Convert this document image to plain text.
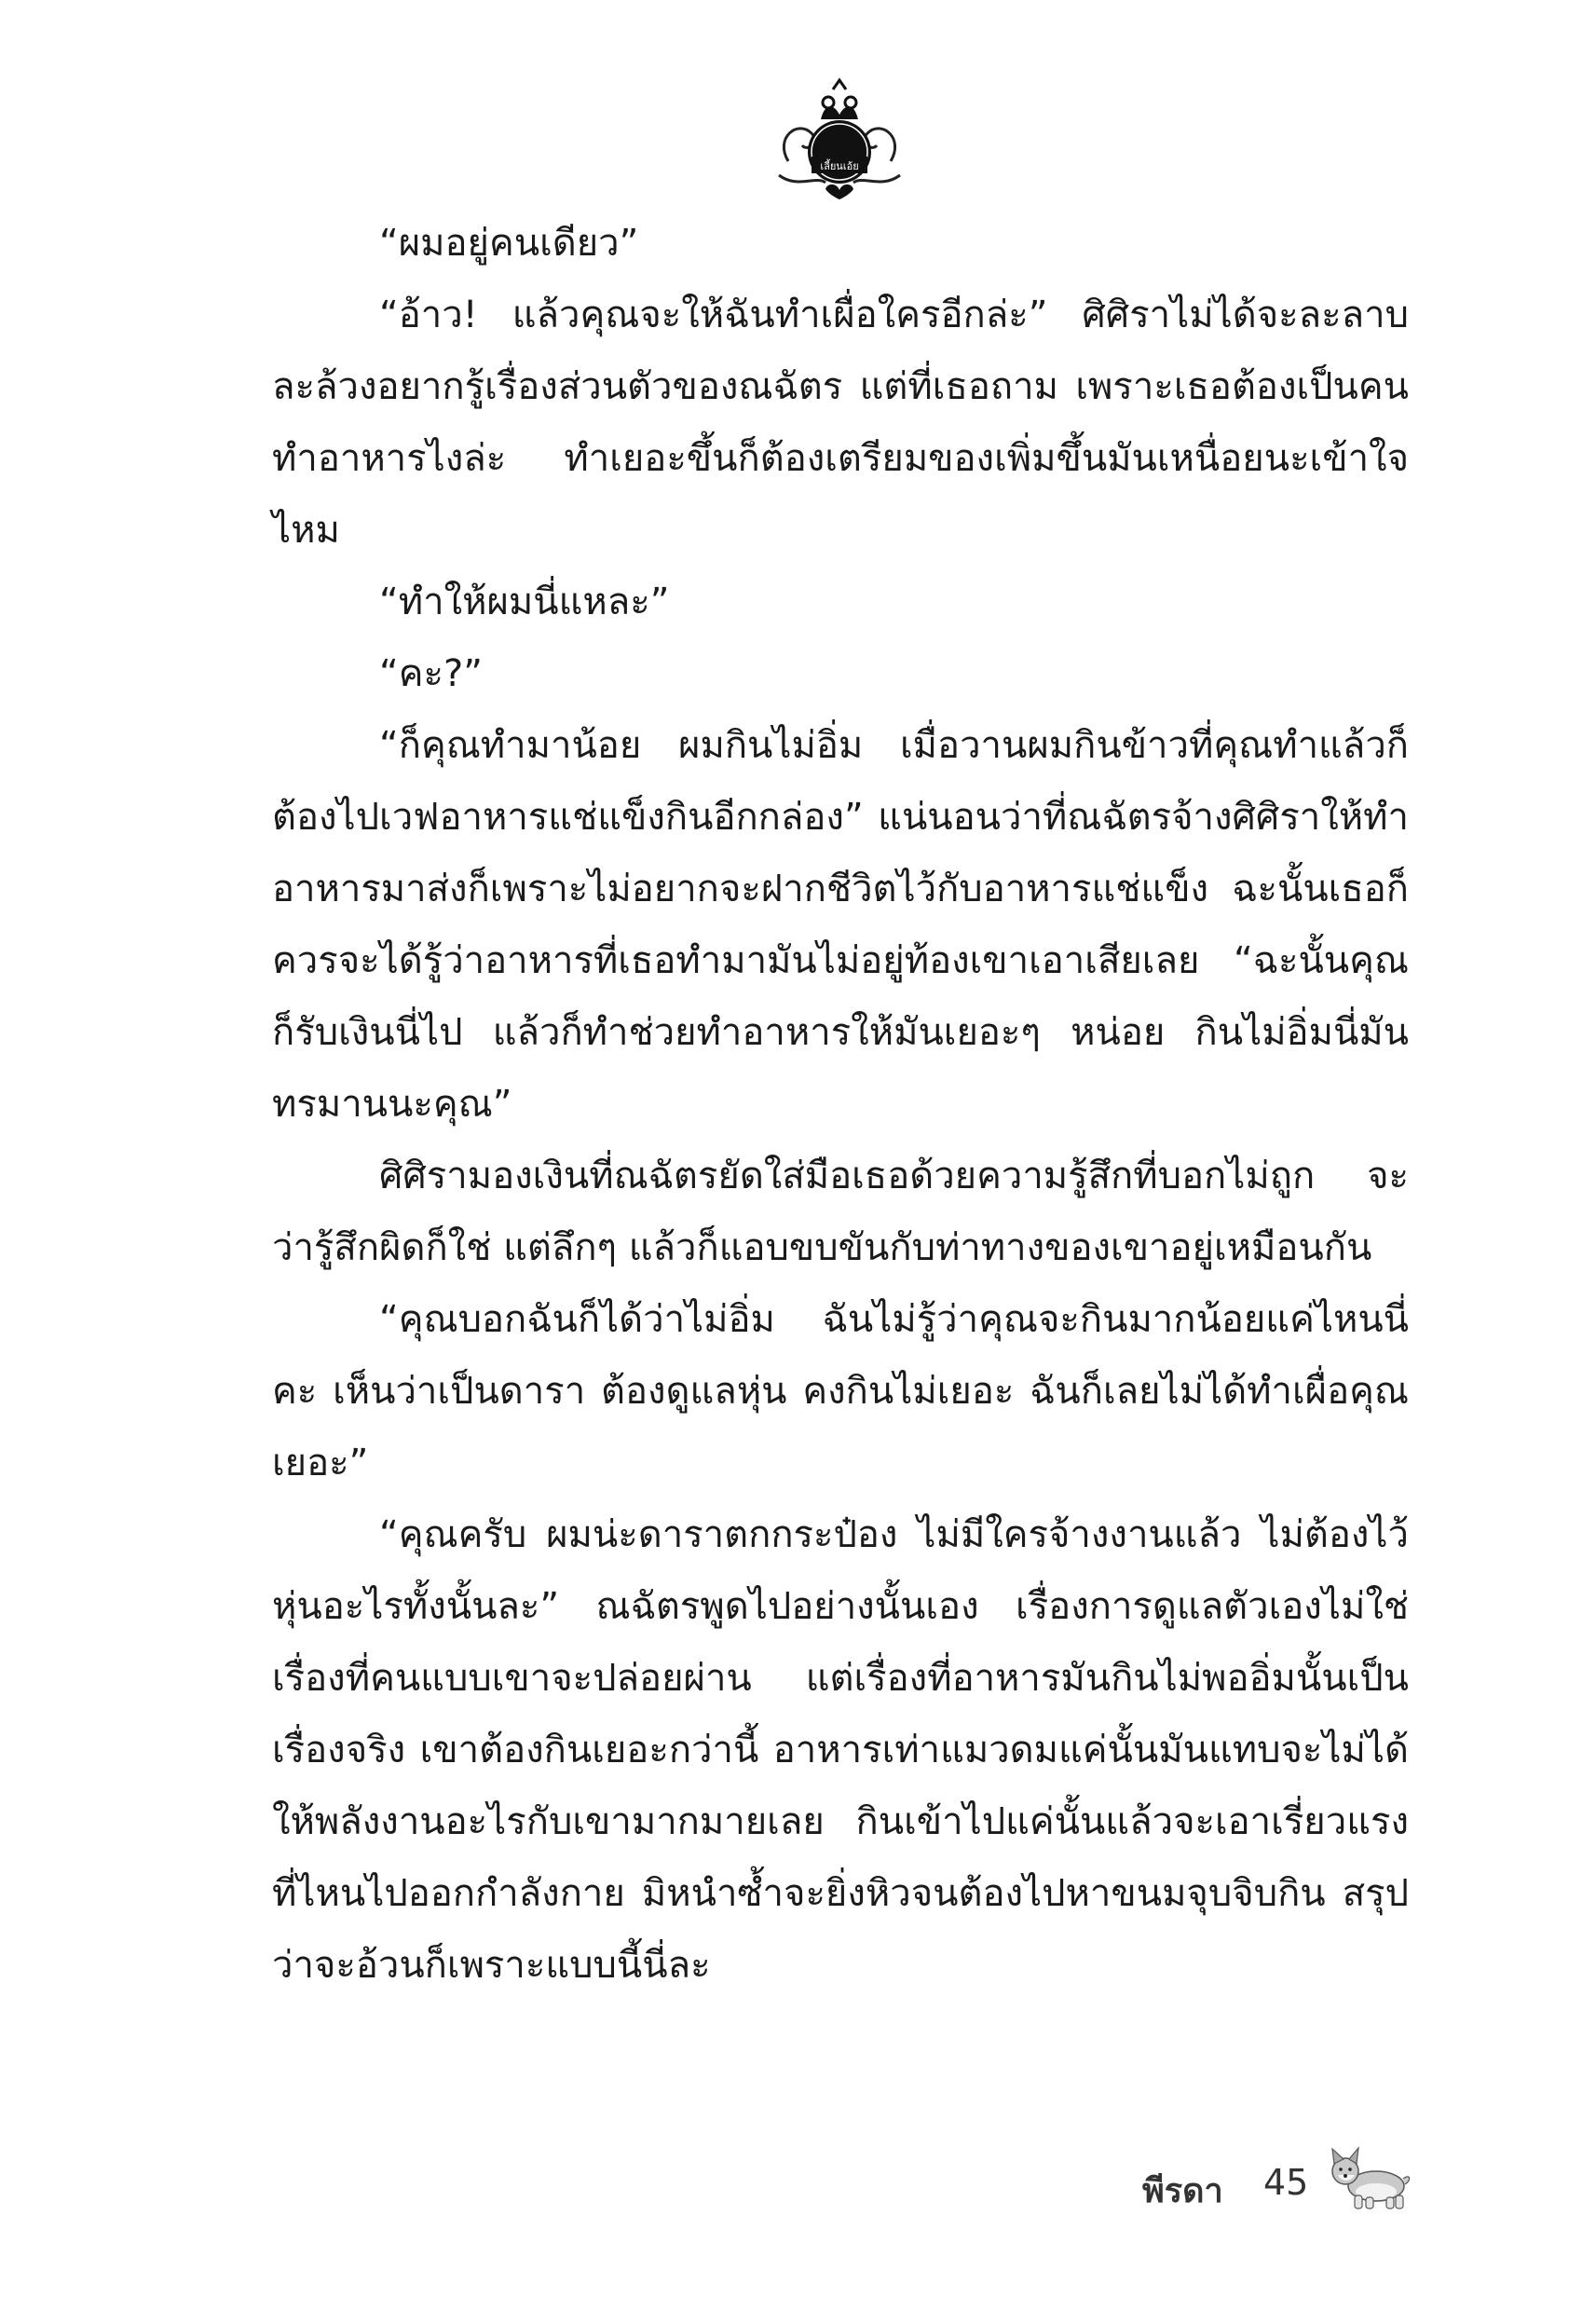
เลี้ยนเอ้ย

“ผมอยู่คนเดียว”

“อ้าว! แล้วคุณจะให้ฉันทำเผื่อใครอีกล่ะ” ศิศิราไม่ได้จะละลาบละล้วงอยากรู้เรื่องส่วนตัวของณฉัตร แต่ที่เธอถาม เพราะเธอต้องเป็นคนทำอาหารไงล่ะ ทำเยอะขึ้นก็ต้องเตรียมของเพิ่มขึ้นมันเหนื่อยนะเข้าใจไหม

“ทำให้ผมนี่แหละ”

“คะ?”

“ก็คุณทำมาน้อย ผมกินไม่อิ่ม เมื่อวานผมกินข้าวที่คุณทำแล้วก็ต้องไปเวฟอาหารแช่แข็งกินอีกกล่อง” แน่นอนว่าที่ณฉัตรจ้างศิศิราให้ทำอาหารมาส่งก็เพราะไม่อยากจะฝากชีวิตไว้กับอาหารแช่แข็ง ฉะนั้นเธอก็ควรจะได้รู้ว่าอาหารที่เธอทำมามันไม่อยู่ท้องเขาเอาเสียเลย “ฉะนั้นคุณก็รับเงินนี่ไป แล้วก็ทำช่วยทำอาหารให้มันเยอะๆ หน่อย กินไม่อิ่มนี่มันทรมานนะคุณ”

ศิศิรามองเงินที่ณฉัตรยัดใส่มือเธอด้วยความรู้สึกที่บอกไม่ถูก จะว่ารู้สึกผิดก็ใช่ แต่ลึกๆ แล้วก็แอบขบขันกับท่าทางของเขาอยู่เหมือนกัน

“คุณบอกฉันก็ได้ว่าไม่อิ่ม ฉันไม่รู้ว่าคุณจะกินมากน้อยแค่ไหนนี่คะ เห็นว่าเป็นดารา ต้องดูแลหุ่น คงกินไม่เยอะ ฉันก็เลยไม่ได้ทำเผื่อคุณเยอะ”

“คุณครับ ผมน่ะดาราตกกระป๋อง ไม่มีใครจ้างงานแล้ว ไม่ต้องไว้หุ่นอะไรทั้งนั้นละ” ณฉัตรพูดไปอย่างนั้นเอง เรื่องการดูแลตัวเองไม่ใช่เรื่องที่คนแบบเขาจะปล่อยผ่าน แต่เรื่องที่อาหารมันกินไม่พออิ่มนั้นเป็นเรื่องจริง เขาต้องกินเยอะกว่านี้ อาหารเท่าแมวดมแค่นั้นมันแทบจะไม่ได้ให้พลังงานอะไรกับเขามากมายเลย กินเข้าไปแค่นั้นแล้วจะเอาเรี่ยวแรงที่ไหนไปออกกำลังกาย มิหนำซ้ำจะยิ่งหิวจนต้องไปหาขนมจุบจิบกิน สรุปว่าจะอ้วนก็เพราะแบบนี้นี่ละ

พีรดา 45
